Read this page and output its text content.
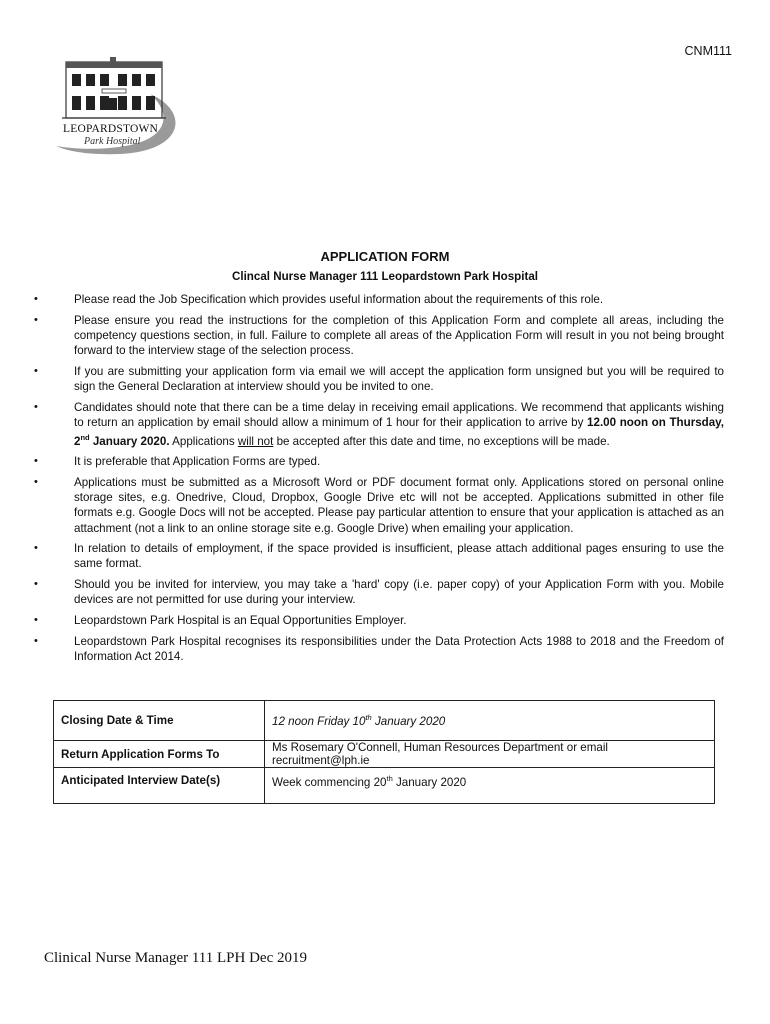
CNM111
LEOPARDSTOWN
Park Hospital
APPLICATION FORM
Clincal Nurse Manager 111 Leopardstown Park Hospital
• Please read the Job Specification which provides useful information about the requirements of this role.
• Please ensure you read the instructions for the completion of this Application Form and complete all areas, including the competency questions section, in full. Failure to complete all areas of the Application Form will result in you not being brought forward to the interview stage of the selection process.
• If you are submitting your application form via email we will accept the application form unsigned but you will be required to sign the General Declaration at interview should you be invited to one.
• Candidates should note that there can be a time delay in receiving email applications. We recommend that applicants wishing to return an application by email should allow a minimum of 1 hour for their application to arrive by 12.00 noon on Thursday, 2nd January 2020. Applications will not be accepted after this date and time, no exceptions will be made.
• It is preferable that Application Forms are typed.
• Applications must be submitted as a Microsoft Word or PDF document format only. Applications stored on personal online storage sites, e.g. Onedrive, Cloud, Dropbox, Google Drive etc will not be accepted. Applications submitted in other file formats e.g. Google Docs will not be accepted. Please pay particular attention to ensure that your application is attached as an attachment (not a link to an online storage site e.g. Google Drive) when emailing your application.
• In relation to details of employment, if the space provided is insufficient, please attach additional pages ensuring to use the same format.
• Should you be invited for interview, you may take a 'hard' copy (i.e. paper copy) of your Application Form with you. Mobile devices are not permitted for use during your interview.
• Leopardstown Park Hospital is an Equal Opportunities Employer.
• Leopardstown Park Hospital recognises its responsibilities under the Data Protection Acts 1988 to 2018 and the Freedom of Information Act 2014.
Closing Date & Time	12 noon Friday 10th January 2020
Return Application Forms To	Ms Rosemary O'Connell, Human Resources Department or email recruitment@lph.ie
Anticipated Interview Date(s)	Week commencing 20th January 2020
Clinical Nurse Manager 111 LPH Dec 2019
